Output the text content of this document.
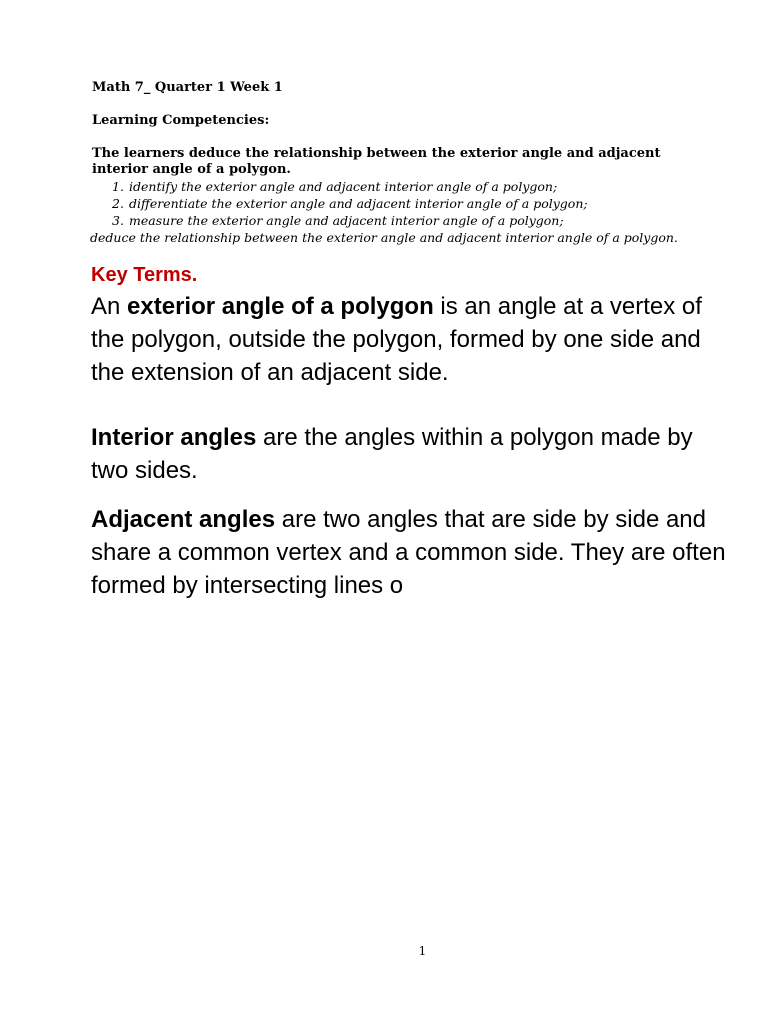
Math 7_ Quarter 1 Week 1
Learning Competencies:
The learners deduce the relationship between the exterior angle and adjacent interior angle of a polygon.
1. identify the exterior angle and adjacent interior angle of a polygon;
2. differentiate the exterior angle and adjacent interior angle of a polygon;
3. measure the exterior angle and adjacent interior angle of a polygon;
deduce the relationship between the exterior angle and adjacent interior angle of a polygon.
Key Terms.
An exterior angle of a polygon is an angle at a vertex of the polygon, outside the polygon, formed by one side and the extension of an adjacent side.
Interior angles are the angles within a polygon made by two sides.
Adjacent angles are two angles that are side by side and share a common vertex and a common side. They are often formed by intersecting lines o
1
